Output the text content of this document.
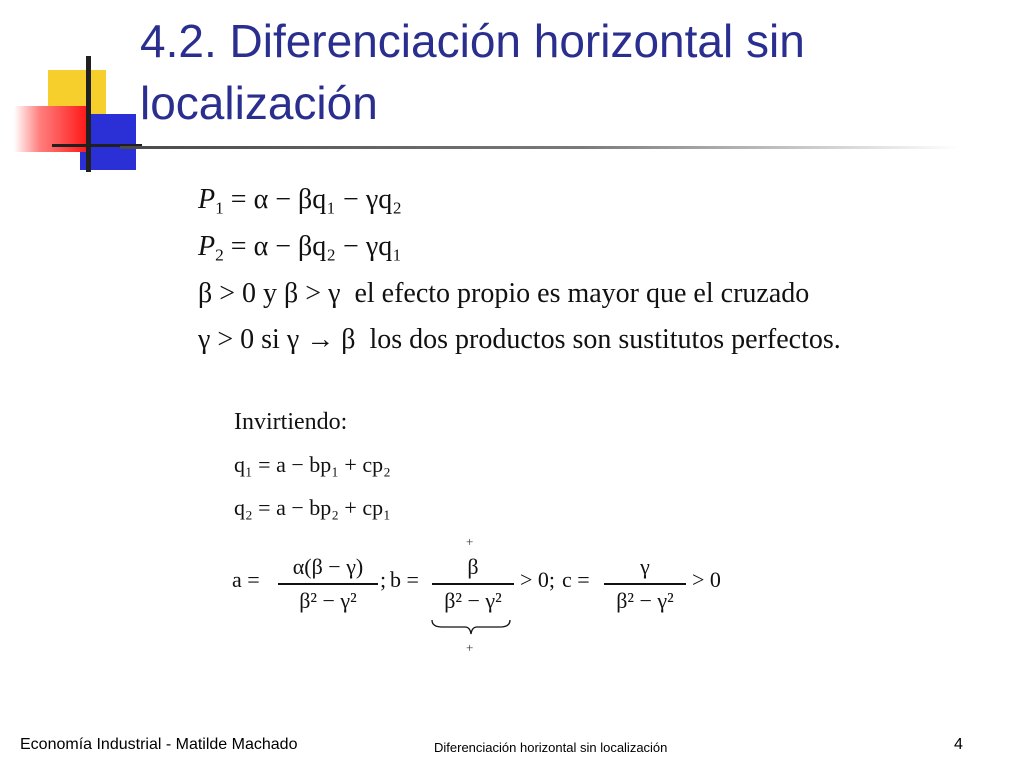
4.2. Diferenciación horizontal sin localización
$P_1 = \alpha - \beta q_1 - \gamma q_2$
$P_2 = \alpha - \beta q_2 - \gamma q_1$
β > 0 y β > γ el efecto propio es mayor que el cruzado
γ > 0 si γ → β los dos productos son sustitutos perfectos.
Invirtiendo:
q₁ = a − bp₁ + cp₂
q₂ = a − bp₂ + cp₁
a =
α(β − γ)
β² − γ²
; b =
β
β² − γ²
> 0; c =
γ
β² − γ²
> 0
+
+
Economía Industrial - Matilde Machado	Diferenciación horizontal sin localización	4
